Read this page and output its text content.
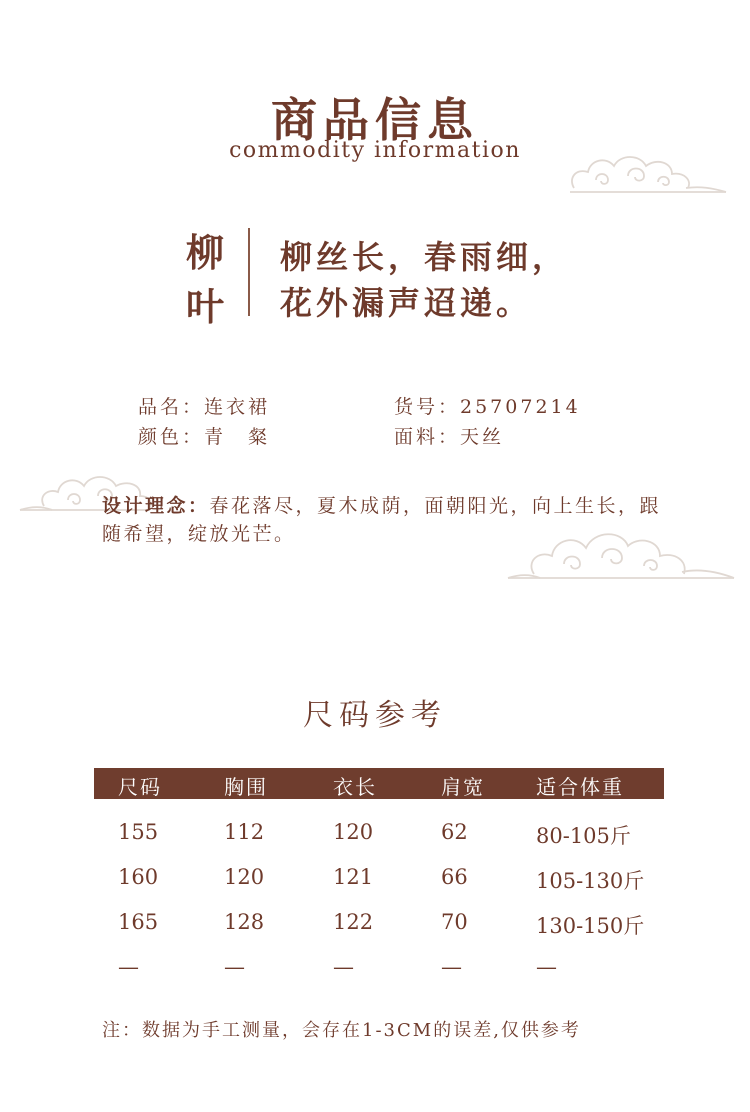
商品信息
commodity information
柳
叶
柳丝长，春雨细，
花外漏声迢递。
品名：连衣裙	货号：25707214
颜色：青　粲	面料：天丝
设计理念：春花落尽，夏木成荫，面朝阳光，向上生长，跟随希望，绽放光芒。
尺码参考
尺码	胸围	衣长	肩宽	适合体重
155	112	120	62	80-105斤
160	120	121	66	105-130斤
165	128	122	70	130-150斤
—	—	—	—	—
注：数据为手工测量，会存在1-3CM的误差,仅供参考
